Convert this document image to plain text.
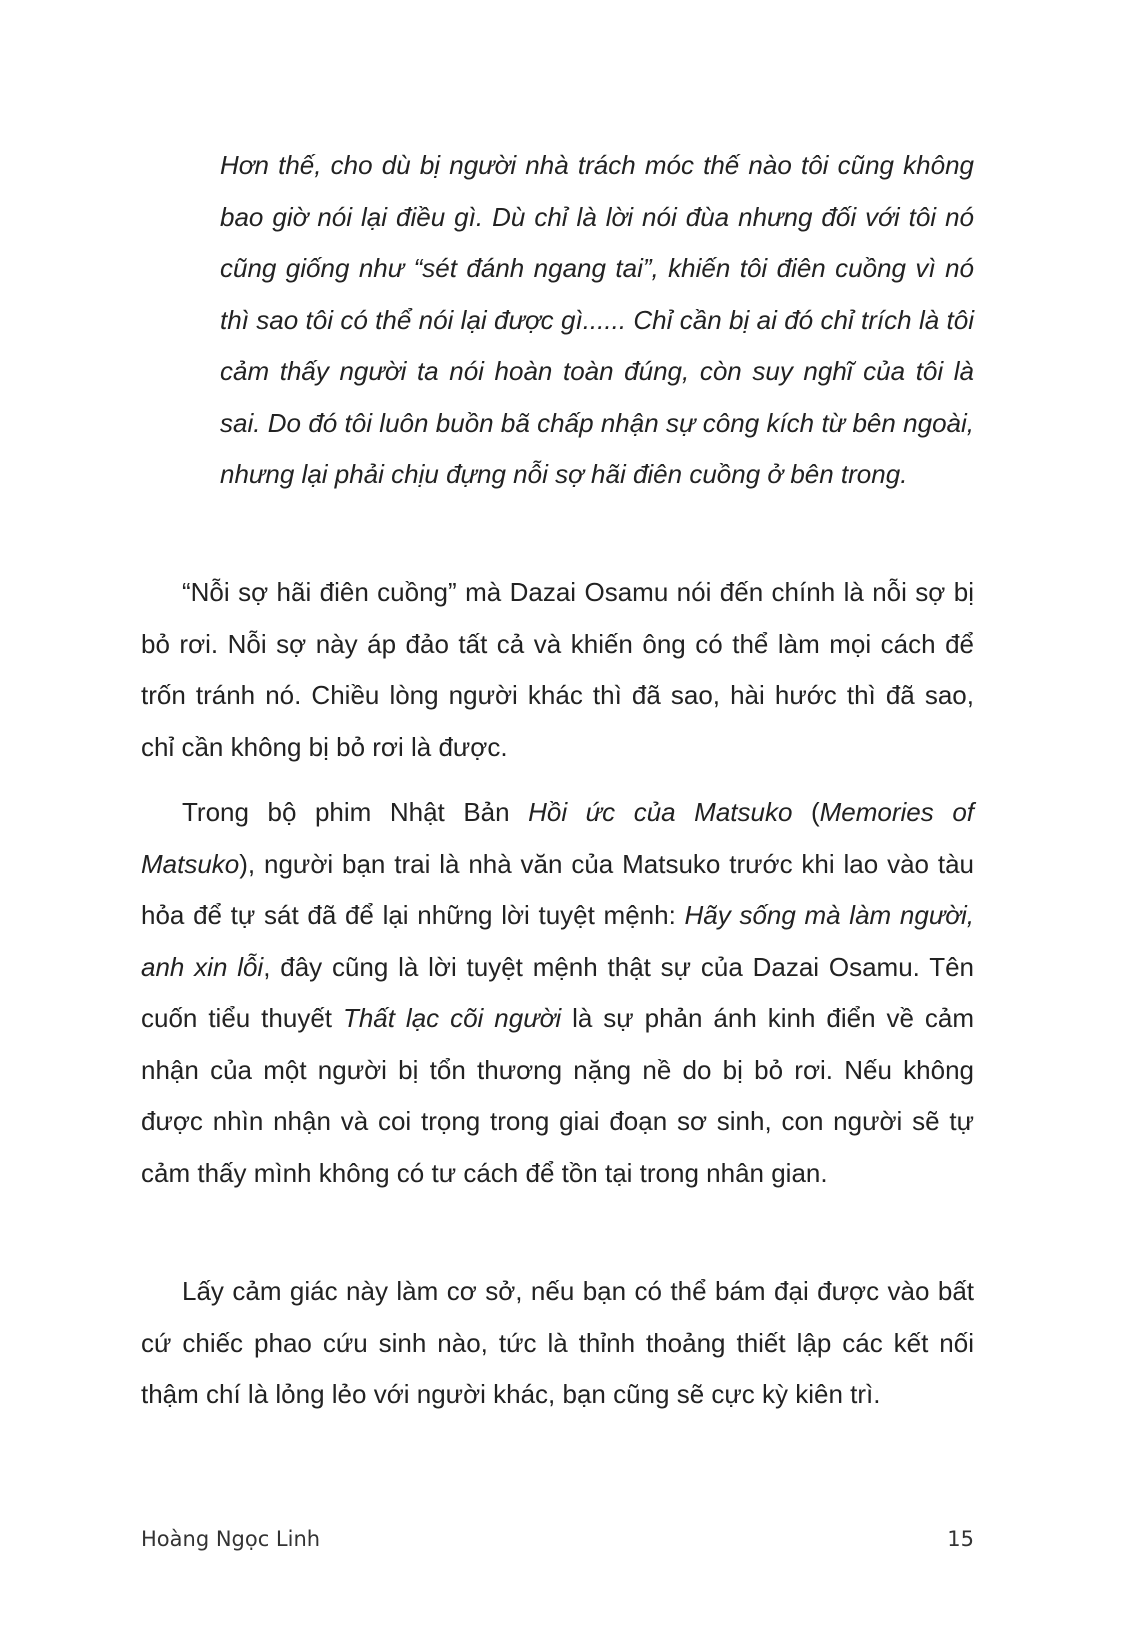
Hơn thế, cho dù bị người nhà trách móc thế nào tôi cũng không bao giờ nói lại điều gì. Dù chỉ là lời nói đùa nhưng đối với tôi nó cũng giống như “sét đánh ngang tai”, khiến tôi điên cuồng vì nó thì sao tôi có thể nói lại được gì...... Chỉ cần bị ai đó chỉ trích là tôi cảm thấy người ta nói hoàn toàn đúng, còn suy nghĩ của tôi là sai. Do đó tôi luôn buồn bã chấp nhận sự công kích từ bên ngoài, nhưng lại phải chịu đựng nỗi sợ hãi điên cuồng ở bên trong.

“Nỗi sợ hãi điên cuồng” mà Dazai Osamu nói đến chính là nỗi sợ bị bỏ rơi. Nỗi sợ này áp đảo tất cả và khiến ông có thể làm mọi cách để trốn tránh nó. Chiều lòng người khác thì đã sao, hài hước thì đã sao, chỉ cần không bị bỏ rơi là được.

Trong bộ phim Nhật Bản Hồi ức của Matsuko (Memories of Matsuko), người bạn trai là nhà văn của Matsuko trước khi lao vào tàu hỏa để tự sát đã để lại những lời tuyệt mệnh: Hãy sống mà làm người, anh xin lỗi, đây cũng là lời tuyệt mệnh thật sự của Dazai Osamu. Tên cuốn tiểu thuyết Thất lạc cõi người là sự phản ánh kinh điển về cảm nhận của một người bị tổn thương nặng nề do bị bỏ rơi. Nếu không được nhìn nhận và coi trọng trong giai đoạn sơ sinh, con người sẽ tự cảm thấy mình không có tư cách để tồn tại trong nhân gian.

Lấy cảm giác này làm cơ sở, nếu bạn có thể bám đại được vào bất cứ chiếc phao cứu sinh nào, tức là thỉnh thoảng thiết lập các kết nối thậm chí là lỏng lẻo với người khác, bạn cũng sẽ cực kỳ kiên trì.

Hoàng Ngọc Linh	15
